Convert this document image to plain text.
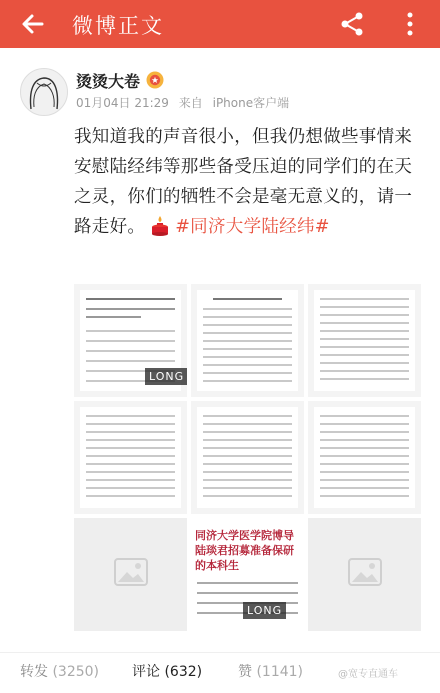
微博正文
烫烫大卷
01月04日 21:29 来自 iPhone客户端
我知道我的声音很小，但我仍想做些事情来安慰陆经纬等那些备受压迫的同学们的在天之灵，你们的牺牲不会是毫无意义的，请一路走好。 #同济大学陆经纬#
LONG
同济大学医学院博导陆琰君招募准备保研的本科生
LONG
转发 (3250) 评论 (632)	赞 (1141)	@宽专直通车
